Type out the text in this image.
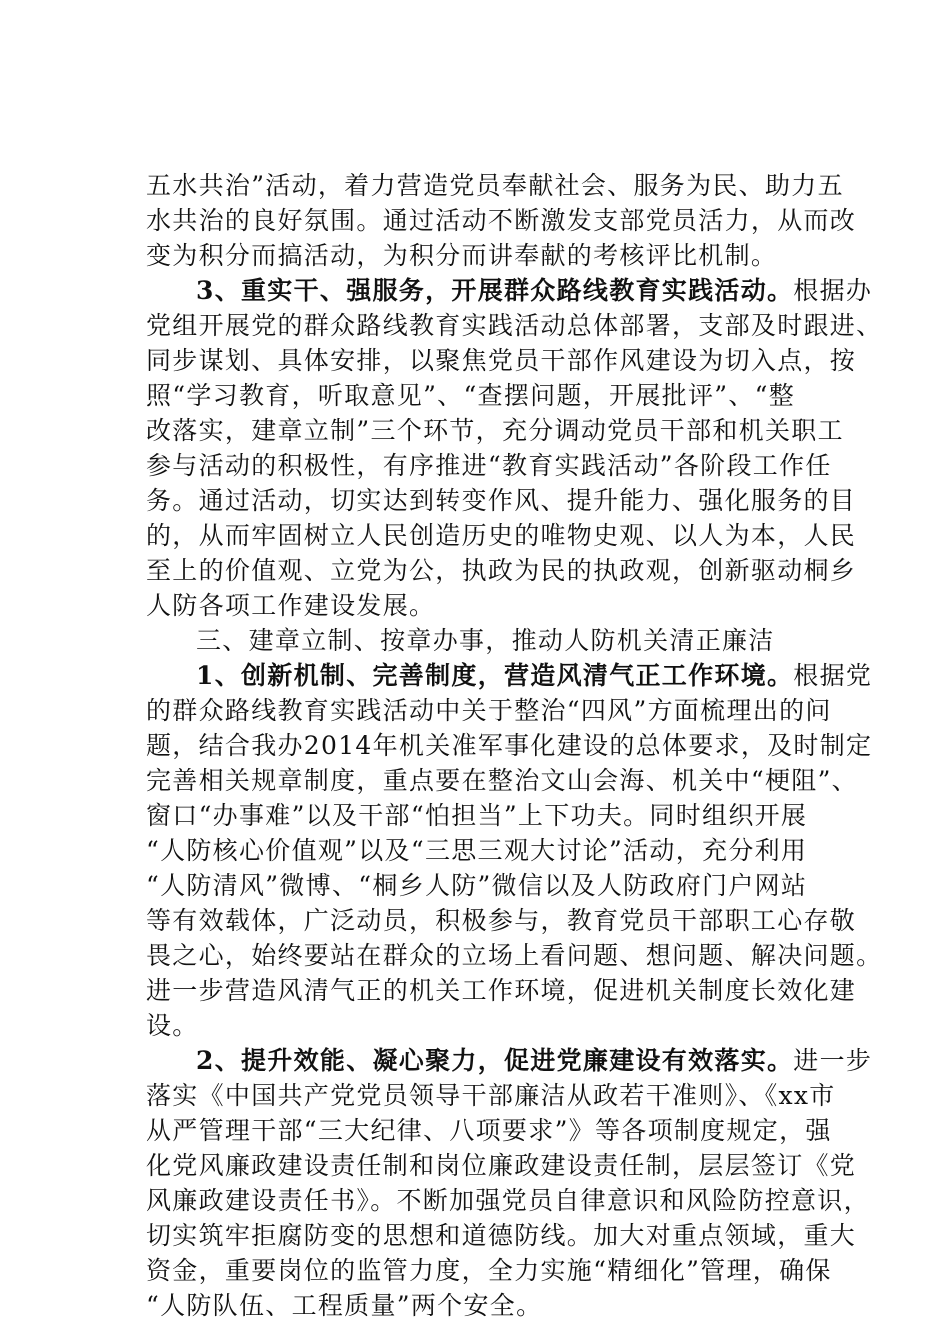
五水共治”活动，着力营造党员奉献社会、服务为民、助力五
水共治的良好氛围。通过活动不断激发支部党员活力，从而改
变为积分而搞活动，为积分而讲奉献的考核评比机制。
3、重实干、强服务，开展群众路线教育实践活动。根据办
党组开展党的群众路线教育实践活动总体部署，支部及时跟进、
同步谋划、具体安排，以聚焦党员干部作风建设为切入点，按
照“学习教育，听取意见”、“查摆问题，开展批评”、“整
改落实，建章立制”三个环节，充分调动党员干部和机关职工
参与活动的积极性，有序推进“教育实践活动”各阶段工作任
务。通过活动，切实达到转变作风、提升能力、强化服务的目
的，从而牢固树立人民创造历史的唯物史观、以人为本，人民
至上的价值观、立党为公，执政为民的执政观，创新驱动桐乡
人防各项工作建设发展。
三、建章立制、按章办事，推动人防机关清正廉洁
1、创新机制、完善制度，营造风清气正工作环境。根据党
的群众路线教育实践活动中关于整治“四风”方面梳理出的问
题，结合我办2014年机关准军事化建设的总体要求，及时制定
完善相关规章制度，重点要在整治文山会海、机关中“梗阻”、
窗口“办事难”以及干部“怕担当”上下功夫。同时组织开展
“人防核心价值观”以及“三思三观大讨论”活动，充分利用
“人防清风”微博、“桐乡人防”微信以及人防政府门户网站
等有效载体，广泛动员，积极参与，教育党员干部职工心存敬
畏之心，始终要站在群众的立场上看问题、想问题、解决问题。
进一步营造风清气正的机关工作环境，促进机关制度长效化建
设。
2、提升效能、凝心聚力，促进党廉建设有效落实。进一步
落实《中国共产党党员领导干部廉洁从政若干准则》、《xx市
从严管理干部“三大纪律、八项要求”》等各项制度规定，强
化党风廉政建设责任制和岗位廉政建设责任制，层层签订《党
风廉政建设责任书》。不断加强党员自律意识和风险防控意识，
切实筑牢拒腐防变的思想和道德防线。加大对重点领域，重大
资金，重要岗位的监管力度，全力实施“精细化”管理，确保
“人防队伍、工程质量”两个安全。
